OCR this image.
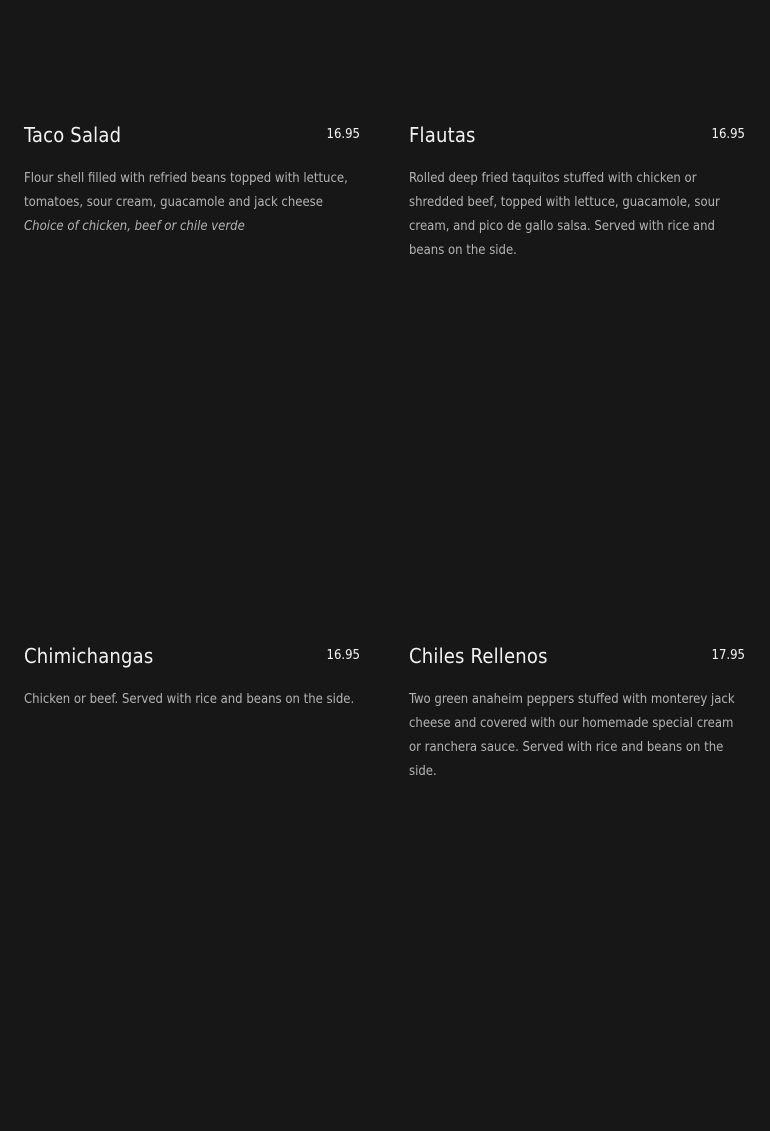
Taco Salad	16.95
Flour shell filled with refried beans topped with lettuce, tomatoes, sour cream, guacamole and jack cheese
Choice of chicken, beef or chile verde
Flautas	16.95
Rolled deep fried taquitos stuffed with chicken or shredded beef, topped with lettuce, guacamole, sour cream, and pico de gallo salsa. Served with rice and beans on the side.
Chimichangas	16.95
Chicken or beef. Served with rice and beans on the side.
Chiles Rellenos	17.95
Two green anaheim peppers stuffed with monterey jack cheese and covered with our homemade special cream or ranchera sauce. Served with rice and beans on the side.
